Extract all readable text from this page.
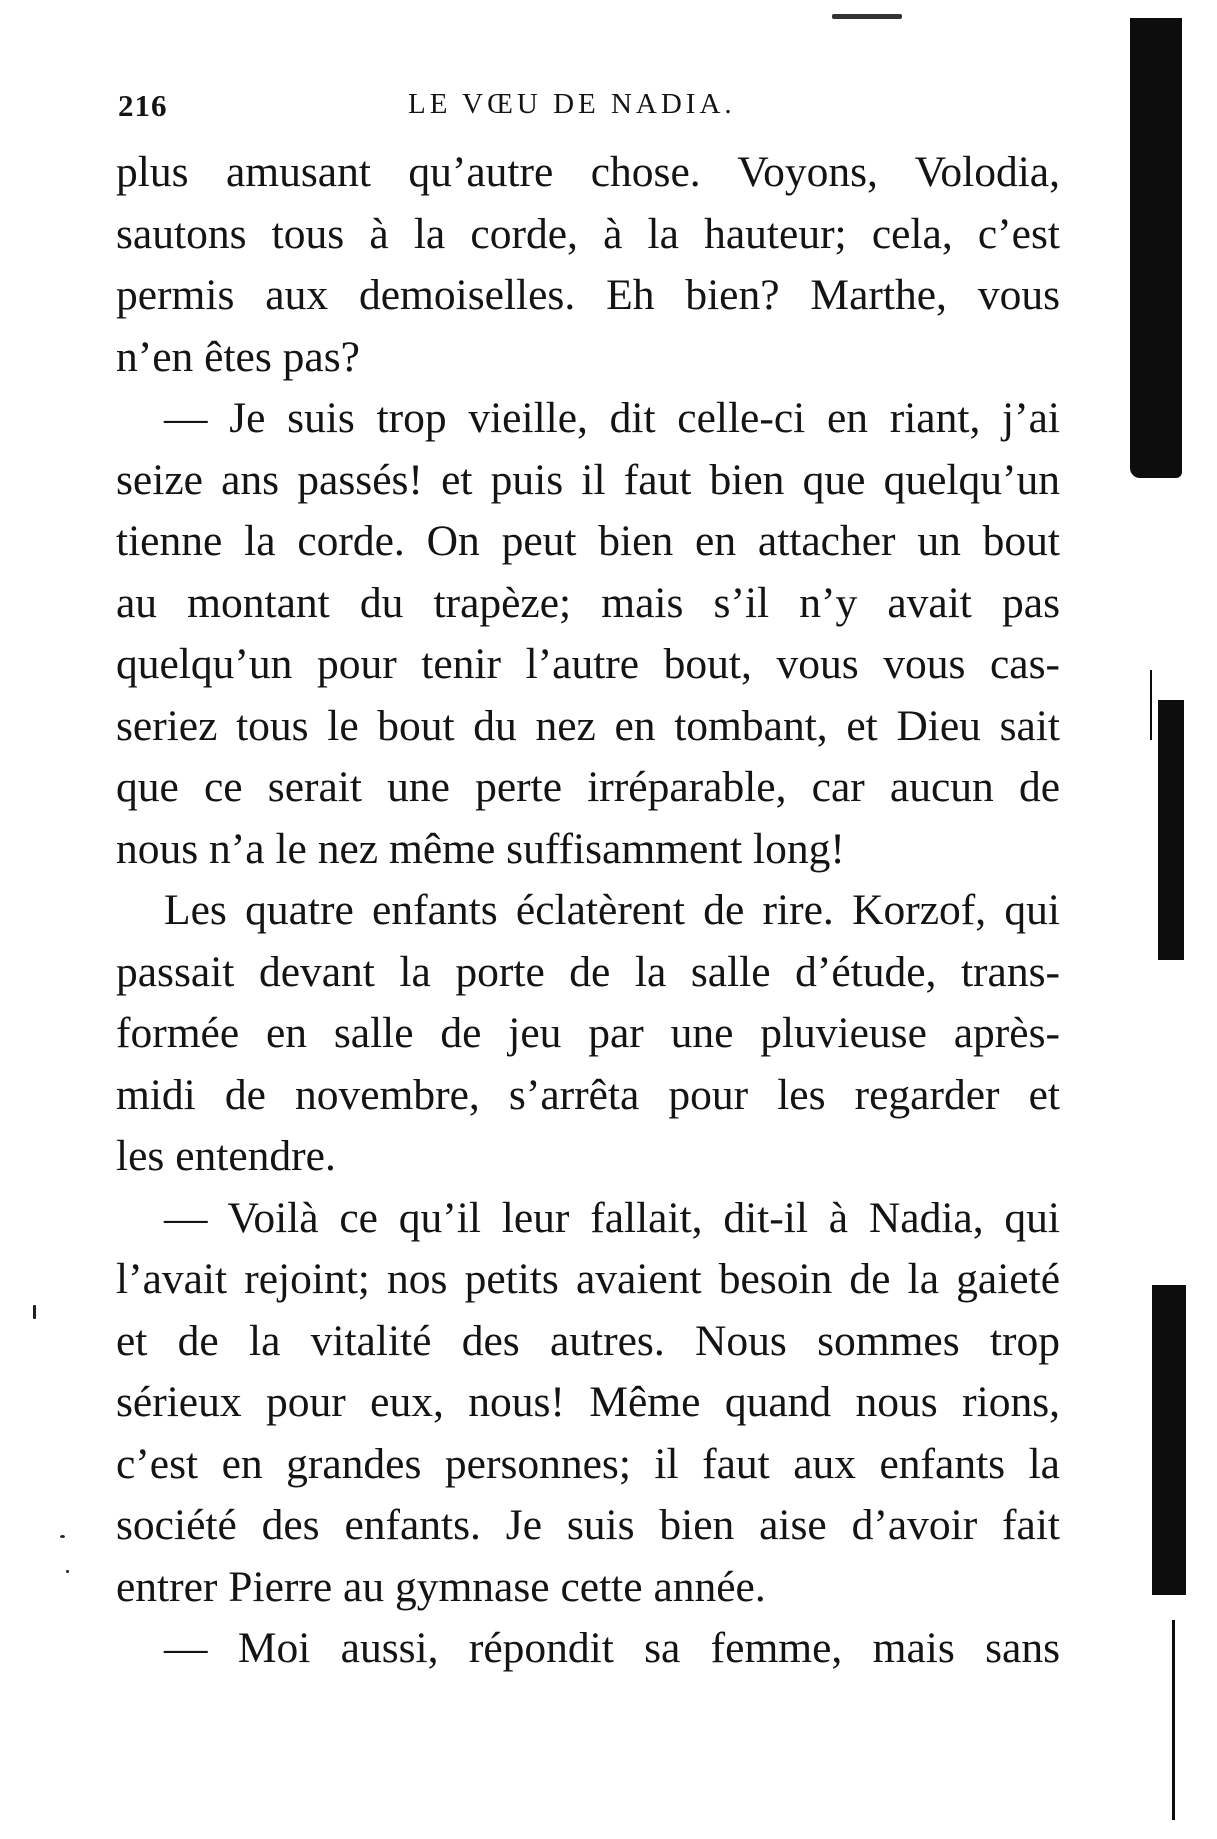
216	LE VŒU DE NADIA.
plus amusant qu’autre chose. Voyons, Volodia,
sautons tous à la corde, à la hauteur; cela, c’est
permis aux demoiselles. Eh bien? Marthe, vous
n’en êtes pas?
— Je suis trop vieille, dit celle-ci en riant, j’ai
seize ans passés! et puis il faut bien que quelqu’un
tienne la corde. On peut bien en attacher un bout
au montant du trapèze; mais s’il n’y avait pas
quelqu’un pour tenir l’autre bout, vous vous cas-
seriez tous le bout du nez en tombant, et Dieu sait
que ce serait une perte irréparable, car aucun de
nous n’a le nez même suffisamment long!
Les quatre enfants éclatèrent de rire. Korzof, qui
passait devant la porte de la salle d’étude, trans-
formée en salle de jeu par une pluvieuse après-
midi de novembre, s’arrêta pour les regarder et
les entendre.
— Voilà ce qu’il leur fallait, dit-il à Nadia, qui
l’avait rejoint; nos petits avaient besoin de la gaieté
et de la vitalité des autres. Nous sommes trop
sérieux pour eux, nous! Même quand nous rions,
c’est en grandes personnes; il faut aux enfants la
société des enfants. Je suis bien aise d’avoir fait
entrer Pierre au gymnase cette année.
— Moi aussi, répondit sa femme, mais sans
